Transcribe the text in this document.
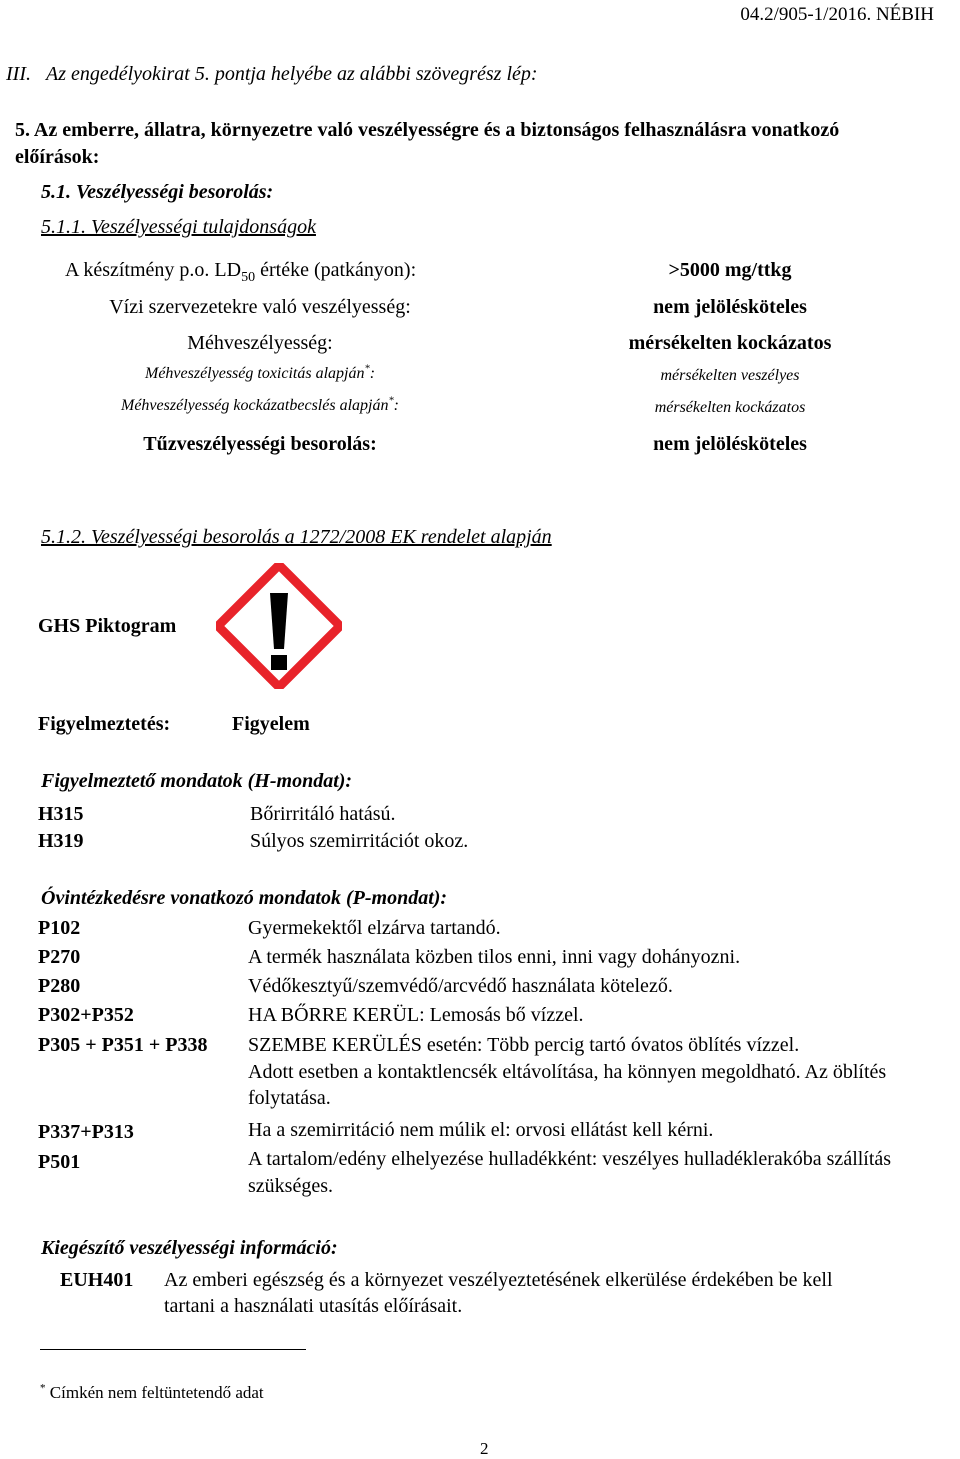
04.2/905-1/2016. NÉBIH
III.   Az engedélyokirat 5. pontja helyébe az alábbi szövegrész lép:
5. Az emberre, állatra, környezetre való veszélyességre és a biztonságos felhasználásra vonatkozó
előírások:
5.1. Veszélyességi besorolás:
5.1.1. Veszélyességi tulajdonságok
A készítmény p.o. $LD_{50}$ értéke (patkányon):	>5000 mg/ttkg
Vízi szervezetekre való veszélyesség:	nem jelölésköteles
Méhveszélyesség:	mérsékelten kockázatos
Méhveszélyesség toxicitás alapján*:	mérsékelten veszélyes
Méhveszélyesség kockázatbecslés alapján*:	mérsékelten kockázatos
Tűzveszélyességi besorolás:	nem jelölésköteles
5.1.2. Veszélyességi besorolás a 1272/2008 EK rendelet alapján
GHS Piktogram
Figyelmeztetés:	Figyelem
Figyelmeztető mondatok (H-mondat):
H315	Bőrirritáló hatású.
H319	Súlyos szemirritációt okoz.
Óvintézkedésre vonatkozó mondatok (P-mondat):
P102	Gyermekektől elzárva tartandó.
P270	A termék használata közben tilos enni, inni vagy dohányozni.
P280	Védőkesztyű/szemvédő/arcvédő használata kötelező.
P302+P352	HA BŐRRE KERÜL: Lemosás bő vízzel.
P305 + P351 + P338 SZEMBE KERÜLÉS esetén: Több percig tartó óvatos öblítés vízzel.
Adott esetben a kontaktlencsék eltávolítása, ha könnyen megoldható. Az öblítés
folytatása.
P337+P313	Ha a szemirritáció nem múlik el: orvosi ellátást kell kérni.
P501	A tartalom/edény elhelyezése hulladékként: veszélyes hulladéklerakóba szállítás
szükséges.
Kiegészítő veszélyességi információ:
EUH401 Az emberi egészség és a környezet veszélyeztetésének elkerülése érdekében be kell
tartani a használati utasítás előírásait.
* Címkén nem feltüntetendő adat
2
